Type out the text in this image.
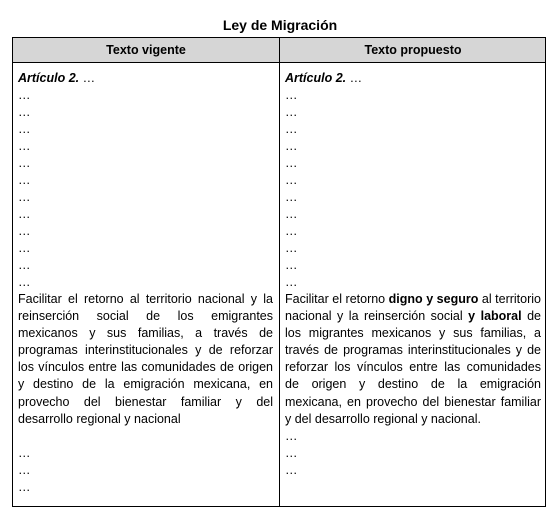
Ley de Migración
Texto vigente	Texto propuesto
Artículo 2. …
…
…
…
…
…
…
…
…
…
…
…
…
Facilitar el retorno al territorio nacional y la reinserción social de los emigrantes mexicanos y sus familias, a través de programas interinstitucionales y de reforzar los vínculos entre las comunidades de origen y destino de la emigración mexicana, en provecho del bienestar familiar y del desarrollo regional y nacional
…
…
…
Artículo 2. …
…
…
…
…
…
…
…
…
…
…
…
…
Facilitar el retorno digno y seguro al territorio nacional y la reinserción social y laboral de los migrantes mexicanos y sus familias, a través de programas interinstitucionales y de reforzar los vínculos entre las comunidades de origen y destino de la emigración mexicana, en provecho del bienestar familiar y del desarrollo regional y nacional.
…
…
…
